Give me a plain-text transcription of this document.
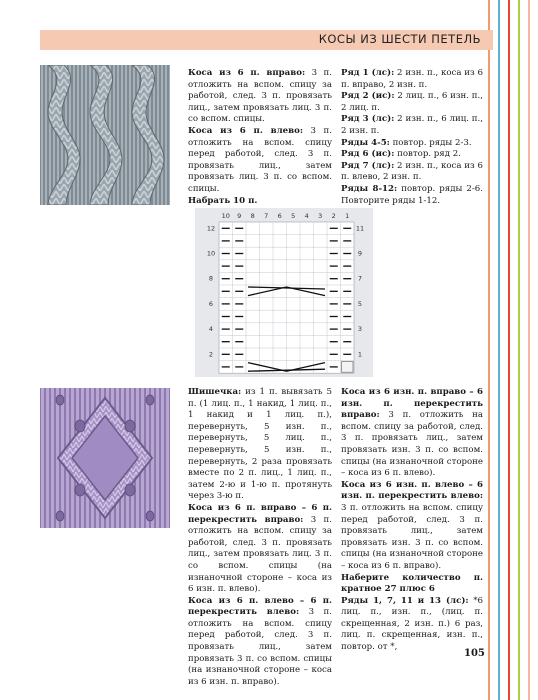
КОСЫ ИЗ ШЕСТИ ПЕТЕЛЬ

Коса из 6 п. вправо: 3 п. отложить на вспом. спицу за работой, след. 3 п. провязать лиц., затем провязать лиц. 3 п. со вспом. спицы.

Коса из 6 п. влево: 3 п. отложить на вспом. спицу перед работой, след. 3 п. провязать лиц., затем провязать лиц. 3 п. со вспом. спицы.

Набрать 10 п.

Ряд 1 (лс): 2 изн. п., коса из 6 п. вправо, 2 изн. п.

Ряд 2 (ис): 2 лиц. п., 6 изн. п., 2 лиц. п.

Ряд 3 (лс): 2 изн. п., 6 лиц. п., 2 изн. п.

Ряды 4-5: повтор. ряды 2-3.

Ряд 6 (ис): повтор. ряд 2.

Ряд 7 (лс): 2 изн. п., коса из 6 п. влево, 2 изн. п.

Ряды 8-12: повтор. ряды 2-6. Повторите ряды 1-12.

10 9 8 7 6 5 4 3 2 1
11
9
7
5
3
1
12
10
8
6
4
2

Шишечка: из 1 п. вывязать 5 п. (1 лиц. п., 1 накид, 1 лиц. п., 1 накид и 1 лиц. п.), перевернуть, 5 изн. п., перевернуть, 5 лиц. п., перевернуть, 5 изн. п., перевернуть, 2 раза провязать вместе по 2 п. лиц., 1 лиц. п., затем 2-ю и 1-ю п. протянуть через 3-ю п.

Коса из 6 п. вправо – 6 п. перекрестить вправо: 3 п. отложить на вспом. спицу за работой, след. 3 п. провязать лиц., затем провязать лиц. 3 п. со вспом. спицы (на изнаночной стороне – коса из 6 изн. п. влево).

Коса из 6 п. влево – 6 п. перекрестить влево: 3 п. отложить на вспом. спицу перед работой, след. 3 п. провязать лиц., затем провязать 3 п. со вспом. спицы (на изнаночной стороне – коса из 6 изн. п. вправо).

Коса из 6 изн. п. вправо – 6 изн. п. перекрестить вправо: 3 п. отложить на вспом. спицу за работой, след. 3 п. провязать лиц., затем провязать изн. 3 п. со вспом. спицы (на изнаночной стороне – коса из 6 п. влево).

Коса из 6 изн. п. влево – 6 изн. п. перекрестить влево: 3 п. отложить на вспом. спицу перед работой, след. 3 п. провязать лиц., затем провязать изн. 3 п. со вспом. спицы (на изнаночной стороне – коса из 6 п. вправо).

Наберите количество п. кратное 27 плюс 6

Ряды 1, 7, 11 и 13 (лс): *6 лиц. п., изн. п., (лиц. п. скрещенная, 2 изн. п.) 6 раз, лиц. п. скрещенная, изн. п., повтор. от *,

105
